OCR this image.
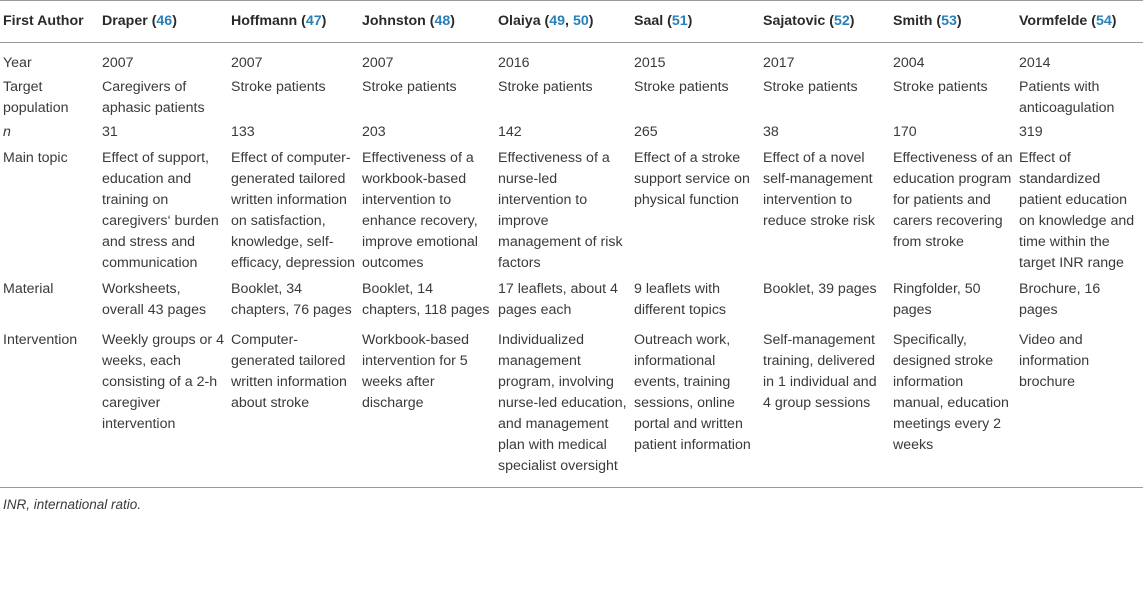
First Author	Draper (46)	Hoffmann (47)	Johnston (48)	Olaiya (49, 50)	Saal (51)	Sajatovic (52)	Smith (53)	Vormfelde (54)
Year	2007	2007	2007	2016	2015	2017	2004	2014
Target population	Caregivers of aphasic patients	Stroke patients	Stroke patients	Stroke patients	Stroke patients	Stroke patients	Stroke patients	Patients with anticoagulation
n	31	133	203	142	265	38	170	319
Main topic	Effect of support, education and training on caregivers‘ burden and stress and communication	Effect of computer-generated tailored written information on satisfaction, knowledge, self-efficacy, depression	Effectiveness of a workbook-based intervention to enhance recovery, improve emotional outcomes	Effectiveness of a nurse-led intervention to improve management of risk factors	Effect of a stroke support service on physical function	Effect of a novel self-management intervention to reduce stroke risk	Effectiveness of an education program for patients and carers recovering from stroke	Effect of standardized patient education on knowledge and time within the target INR range
Material	Worksheets, overall 43 pages	Booklet, 34 chapters, 76 pages	Booklet, 14 chapters, 118 pages	17 leaflets, about 4 pages each	9 leaflets with different topics	Booklet, 39 pages	Ringfolder, 50 pages	Brochure, 16 pages
Intervention	Weekly groups or 4 weeks, each consisting of a 2-h caregiver intervention	Computer-generated tailored written information about stroke	Workbook-based intervention for 5 weeks after discharge	Individualized management program, involving nurse-led education, and management plan with medical specialist oversight	Outreach work, informational events, training sessions, online portal and written patient information	Self-management training, delivered in 1 individual and 4 group sessions	Specifically, designed stroke information manual, education meetings every 2 weeks	Video and information brochure
INR, international ratio.
